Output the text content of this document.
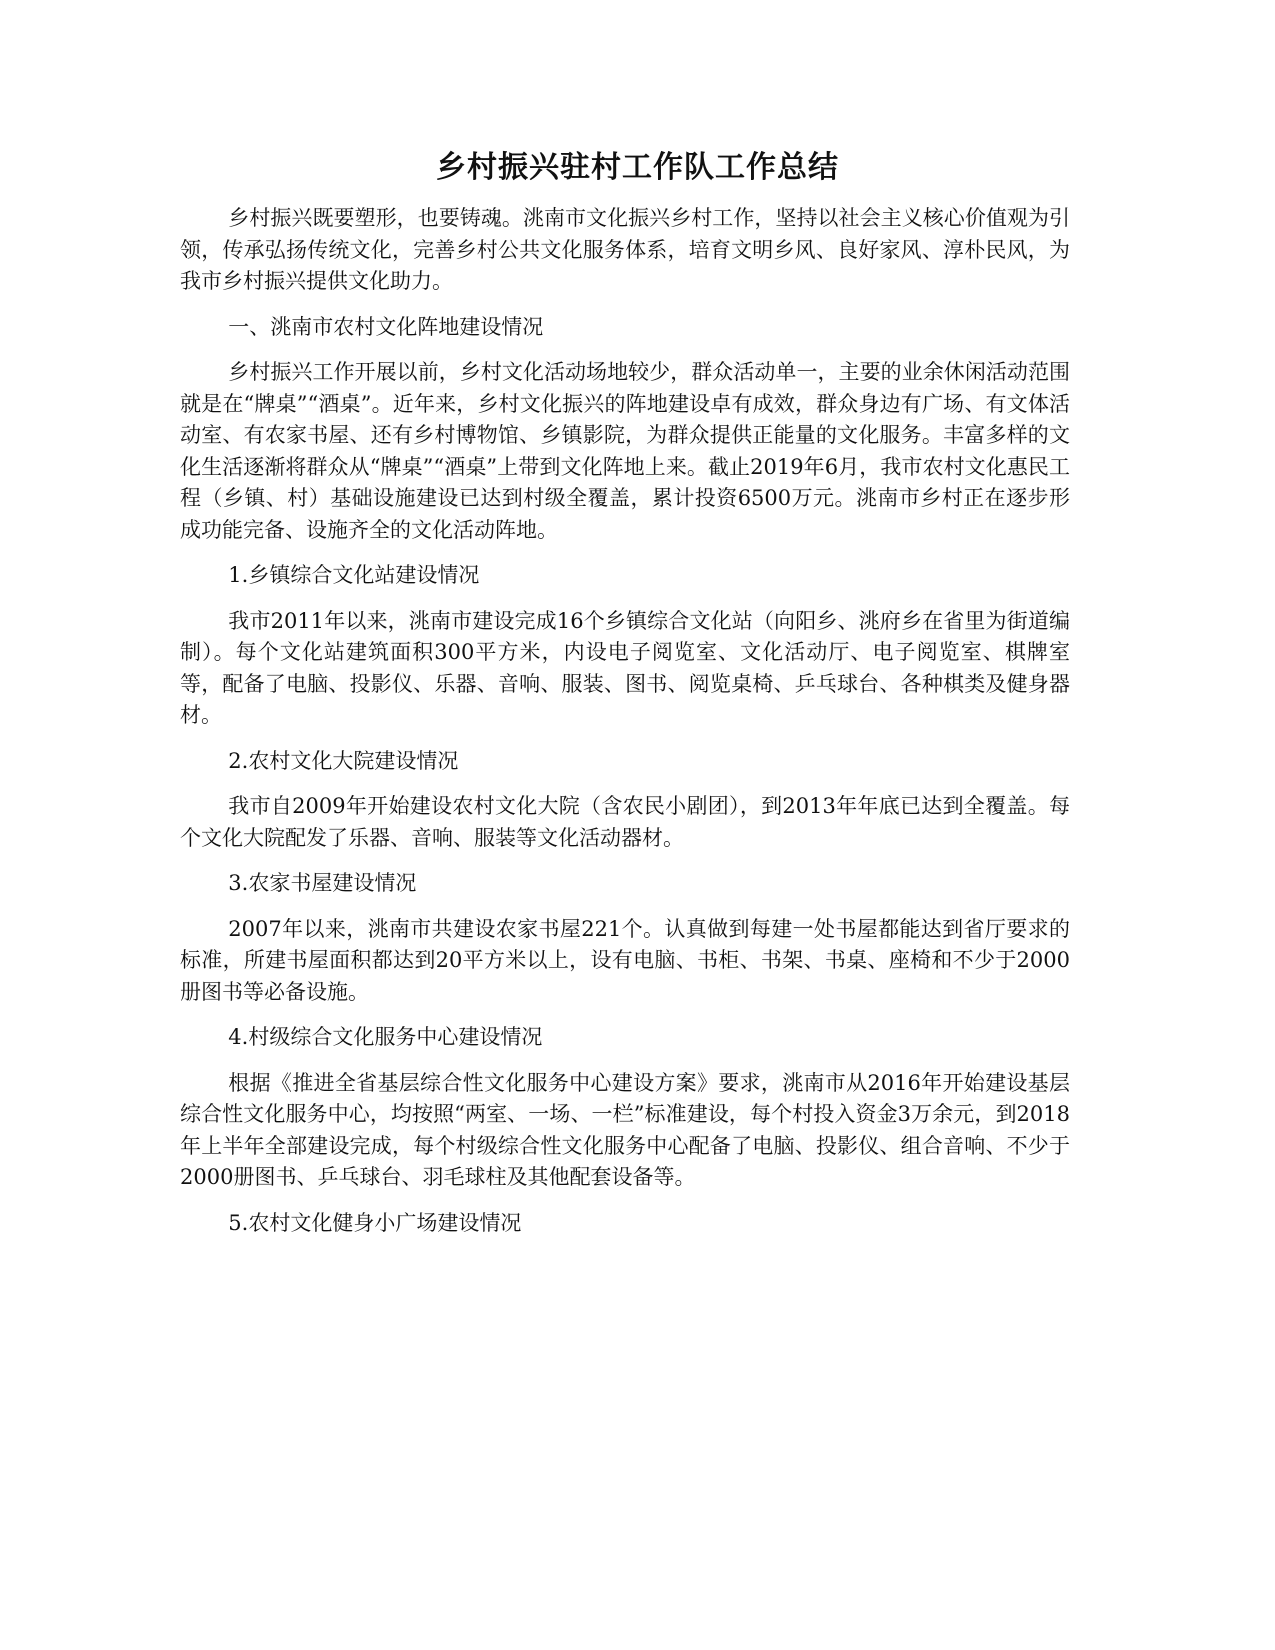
乡村振兴驻村工作队工作总结

乡村振兴既要塑形，也要铸魂。洮南市文化振兴乡村工作，坚持以社会主义核心价值观为引领，传承弘扬传统文化，完善乡村公共文化服务体系，培育文明乡风、良好家风、淳朴民风，为我市乡村振兴提供文化助力。

一、洮南市农村文化阵地建设情况

乡村振兴工作开展以前，乡村文化活动场地较少，群众活动单一，主要的业余休闲活动范围就是在“牌桌”“酒桌”。近年来，乡村文化振兴的阵地建设卓有成效，群众身边有广场、有文体活动室、有农家书屋、还有乡村博物馆、乡镇影院，为群众提供正能量的文化服务。丰富多样的文化生活逐渐将群众从“牌桌”“酒桌”上带到文化阵地上来。截止2019年6月，我市农村文化惠民工程（乡镇、村）基础设施建设已达到村级全覆盖，累计投资6500万元。洮南市乡村正在逐步形成功能完备、设施齐全的文化活动阵地。

1.乡镇综合文化站建设情况

我市2011年以来，洮南市建设完成16个乡镇综合文化站（向阳乡、洮府乡在省里为街道编制）。每个文化站建筑面积300平方米，内设电子阅览室、文化活动厅、电子阅览室、棋牌室等，配备了电脑、投影仪、乐器、音响、服装、图书、阅览桌椅、乒乓球台、各种棋类及健身器材。

2.农村文化大院建设情况

我市自2009年开始建设农村文化大院（含农民小剧团），到2013年年底已达到全覆盖。每个文化大院配发了乐器、音响、服装等文化活动器材。

3.农家书屋建设情况

2007年以来，洮南市共建设农家书屋221个。认真做到每建一处书屋都能达到省厅要求的标准，所建书屋面积都达到20平方米以上，设有电脑、书柜、书架、书桌、座椅和不少于2000册图书等必备设施。

4.村级综合文化服务中心建设情况

根据《推进全省基层综合性文化服务中心建设方案》要求，洮南市从2016年开始建设基层综合性文化服务中心，均按照“两室、一场、一栏”标准建设，每个村投入资金3万余元，到2018年上半年全部建设完成，每个村级综合性文化服务中心配备了电脑、投影仪、组合音响、不少于2000册图书、乒乓球台、羽毛球柱及其他配套设备等。

5.农村文化健身小广场建设情况
